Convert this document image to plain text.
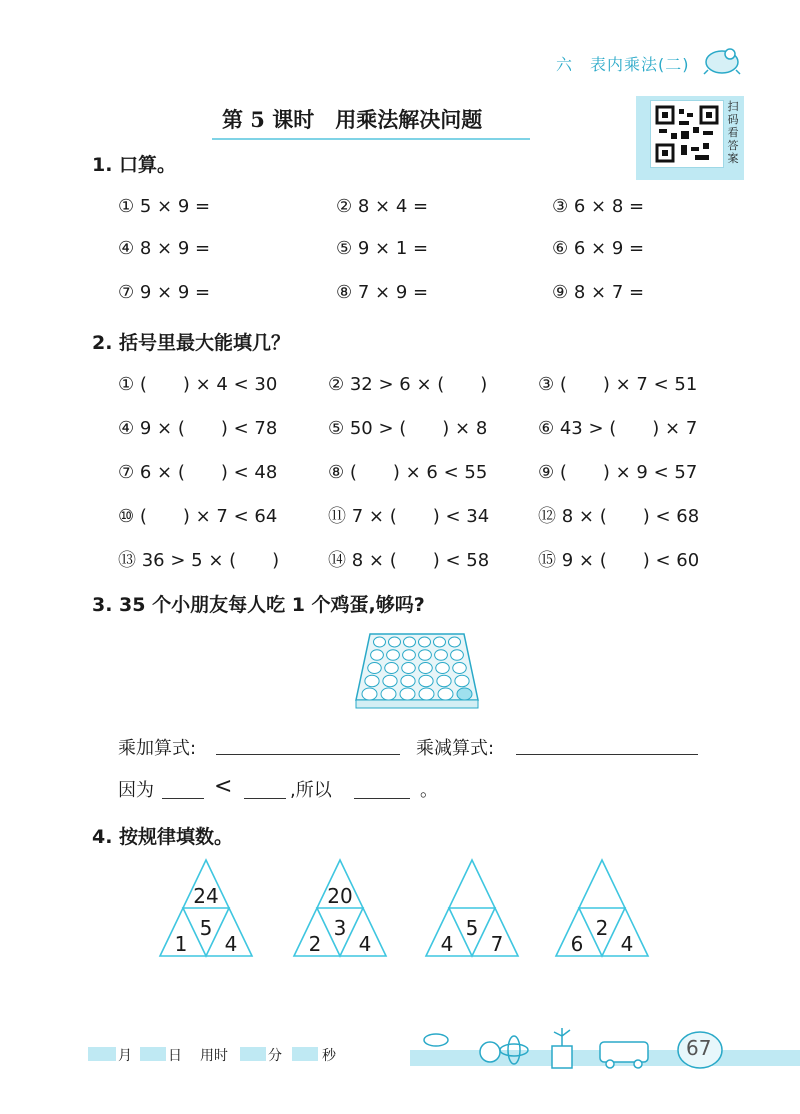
六　表内乘法(二)
第 5 课时　用乘法解决问题
扫码看答案
1. 口算。
① 5 × 9 =	② 8 × 4 =	③ 6 × 8 =
④ 8 × 9 =	⑤ 9 × 1 =	⑥ 6 × 9 =
⑦ 9 × 9 =	⑧ 7 × 9 =	⑨ 8 × 7 =
2. 括号里最大能填几？
① (　　) × 4 < 30	② 32 > 6 × (　　)	③ (　　) × 7 < 51
④ 9 × (　　) < 78	⑤ 50 > (　　) × 8	⑥ 43 > (　　) × 7
⑦ 6 × (　　) < 48	⑧ (　　) × 6 < 55	⑨ (　　) × 9 < 57
⑩ (　　) × 7 < 64	⑪ 7 × (　　) < 34	⑫ 8 × (　　) < 68
⑬ 36 > 5 × (　　)	⑭ 8 × (　　) < 58	⑮ 9 × (　　) < 60
3. 35 个小朋友每人吃 1 个鸡蛋,够吗?
乘加算式:	乘减算式:
因为	<	,所以	。
4. 按规律填数。
24
5
1	4
20
3
2	4
5
4	7
2
6	4
月	日 用时	分	秒	67
